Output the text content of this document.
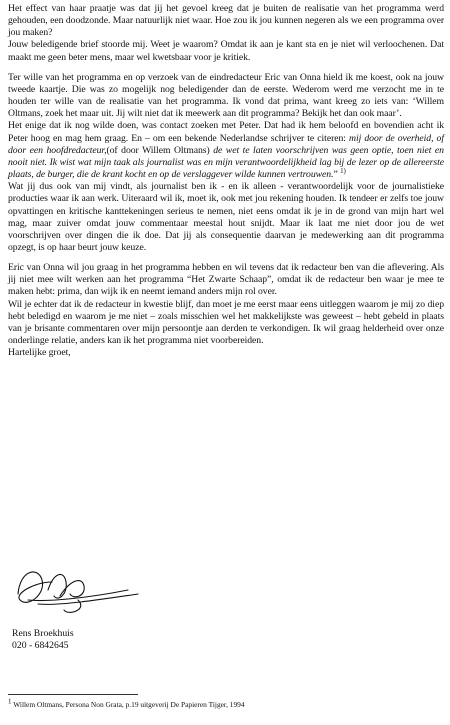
Het effect van haar praatje was dat jij het gevoel kreeg dat je buiten de realisatie van het programma werd gehouden, een doodzonde. Maar natuurlijk niet waar. Hoe zou ik jou kunnen negeren als we een programma over jou maken?

Jouw beledigende brief stoorde mij. Weet je waarom? Omdat ik aan je kant sta en je niet wil verloochenen. Dat maakt me geen beter mens, maar wel kwetsbaar voor je kritiek.

Ter wille van het programma en op verzoek van de eindredacteur Eric van Onna hield ik me koest, ook na jouw tweede kaartje. Die was zo mogelijk nog beledigender dan de eerste. Wederom werd me verzocht me in te houden ter wille van de realisatie van het programma. Ik vond dat prima, want kreeg zo iets van: ‘Willem Oltmans, zoek het maar uit. Jij wilt niet dat ik meewerk aan dit programma? Bekijk het dan ook maar’.

Het enige dat ik nog wilde doen, was contact zoeken met Peter. Dat had ik hem beloofd en bovendien acht ik Peter hoog en mag hem graag. En – om een bekende Nederlandse schrijver te citeren: mij door de overheid, of door een hoofdredacteur,(of door Willem Oltmans) de wet te laten voorschrijven was geen optie, toen niet en nooit niet. Ik wist wat mijn taak als journalist was en mijn verantwoordelijkheid lag bij de lezer op de allereerste plaats, de burger, die de krant kocht en op de verslaggever wilde kunnen vertrouwen.” $^{1)}$

Wat jij dus ook van mij vindt, als journalist ben ik - en ik alleen - verantwoordelijk voor de journalistieke producties waar ik aan werk. Uiteraard wil ik, moet ik, ook met jou rekening houden. Ik tendeer er zelfs toe jouw opvattingen en kritische kanttekeningen serieus te nemen, niet eens omdat ik je in de grond van mijn hart wel mag, maar zuiver omdat jouw commentaar meestal hout snijdt. Maar ik laat me niet door jou de wet voorschrijven over dingen die ik doe. Dat jij als consequentie daarvan je medewerking aan dit programma opzegt, is op haar beurt jouw keuze.

Eric van Onna wil jou graag in het programma hebben en wil tevens dat ik redacteur ben van die aflevering. Als jij niet mee wilt werken aan het programma “Het Zwarte Schaap”, omdat ik de redacteur ben waar je mee te maken hebt: prima, dan wijk ik en neemt iemand anders mijn rol over.

Wil je echter dat ik de redacteur in kwestie blijf, dan moet je me eerst maar eens uitleggen waarom je mij zo diep hebt beledigd en waarom je me niet – zoals misschien wel het makkelijkste was geweest – hebt gebeld in plaats van je brisante commentaren over mijn persoontje aan derden te verkondigen. Ik wil graag helderheid over onze onderlinge relatie, anders kan ik het programma niet voorbereiden.

Hartelijke groet,

Rens Broekhuis
020 - 6842645
$^1$ Willem Oltmans, Persona Non Grata, p.19 uitgeverij De Papieren Tijger, 1994
